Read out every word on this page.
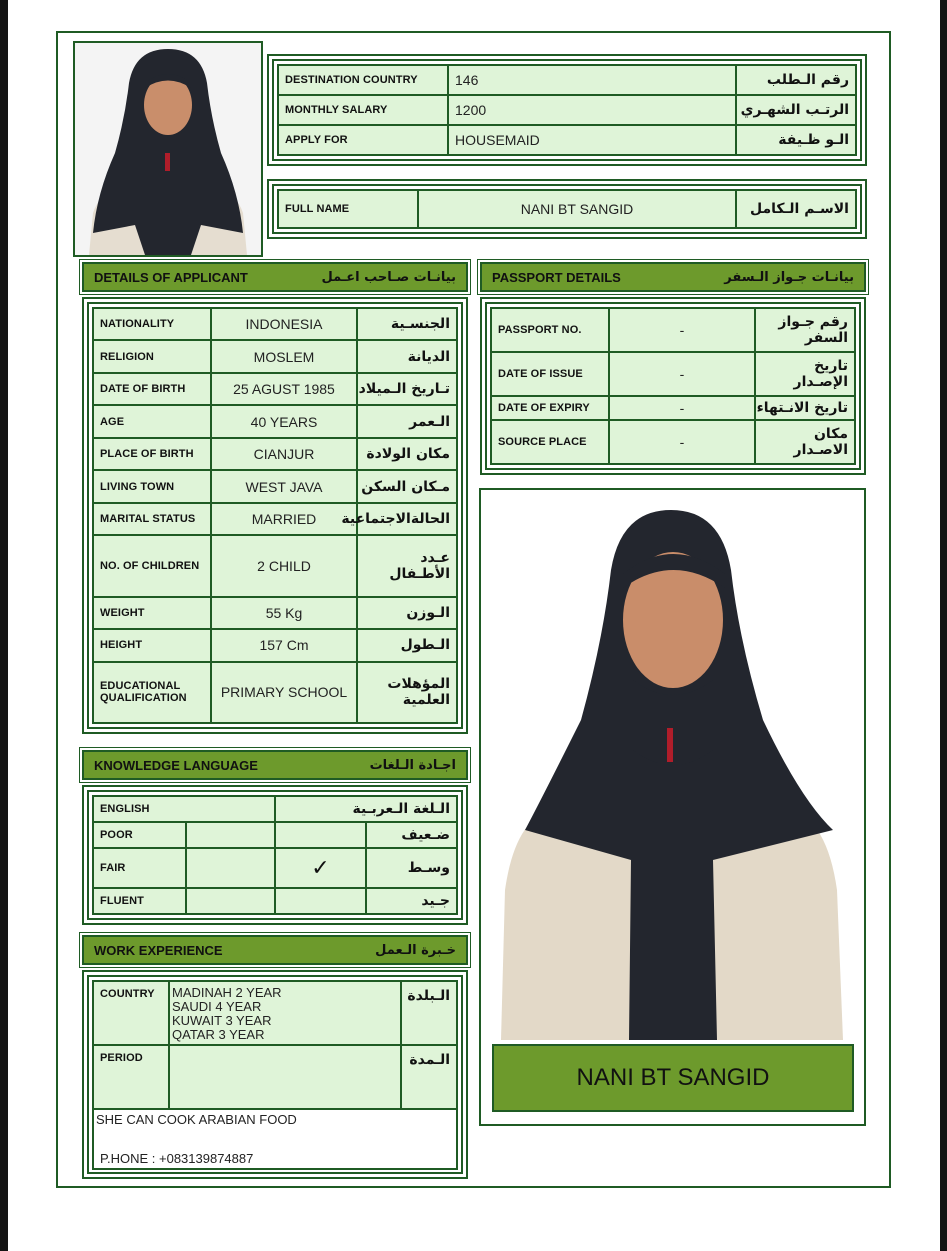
DESTINATION COUNTRY	146	رقم الـطلب
MONTHLY SALARY	1200	الرتـب الشهـري
APPLY FOR	HOUSEMAID	الـو ظـيفة
FULL NAME	NANI BT SANGID	الاسـم الـكامل
DETAILS OF APPLICANT	بيانـات صـاحب اعـمل
NATIONALITY	INDONESIA	الجنسـية
RELIGION	MOSLEM	الديانة
DATE OF BIRTH	25 AGUST 1985	تـاريخ الـميلاد
AGE	40 YEARS	الـعمر
PLACE OF BIRTH	CIANJUR	مكان الولادة
LIVING TOWN	WEST JAVA	مـكان السكن
MARITAL STATUS	MARRIED	الحالةالاجتماعية
NO. OF CHILDREN	2 CHILD	عـدد الأطـفال
WEIGHT	55 Kg	الـوزن
HEIGHT	157 Cm	الـطول
EDUCATIONAL QUALIFICATION	PRIMARY SCHOOL	المؤهلات العلمية
PASSPORT DETAILS	بيانـات جـواز الـسفر
PASSPORT NO.	-	رقم جـواز السفر
DATE OF ISSUE	-	تاريخ الإصـدار
DATE OF EXPIRY	-	تاريخ الانـتهاء
SOURCE PLACE	-	مكان الاصـدار
NANI BT SANGID
KNOWLEDGE LANGUAGE	اجـادة الـلغات
ENGLISH		الـلغة الـعربـية	
POOR			ضـعيف
FAIR		✓	وسـط
FLUENT			جـيد
WORK EXPERIENCE	خـبرة الـعمل
COUNTRY	MADINAH 2 YEAR
SAUDI 4 YEAR
KUWAIT 3 YEAR
QATAR 3 YEAR	الـبلدة
PERIOD		الـمدة

SHE CAN COOK ARABIAN FOOD
P.HONE : +083139874887		
